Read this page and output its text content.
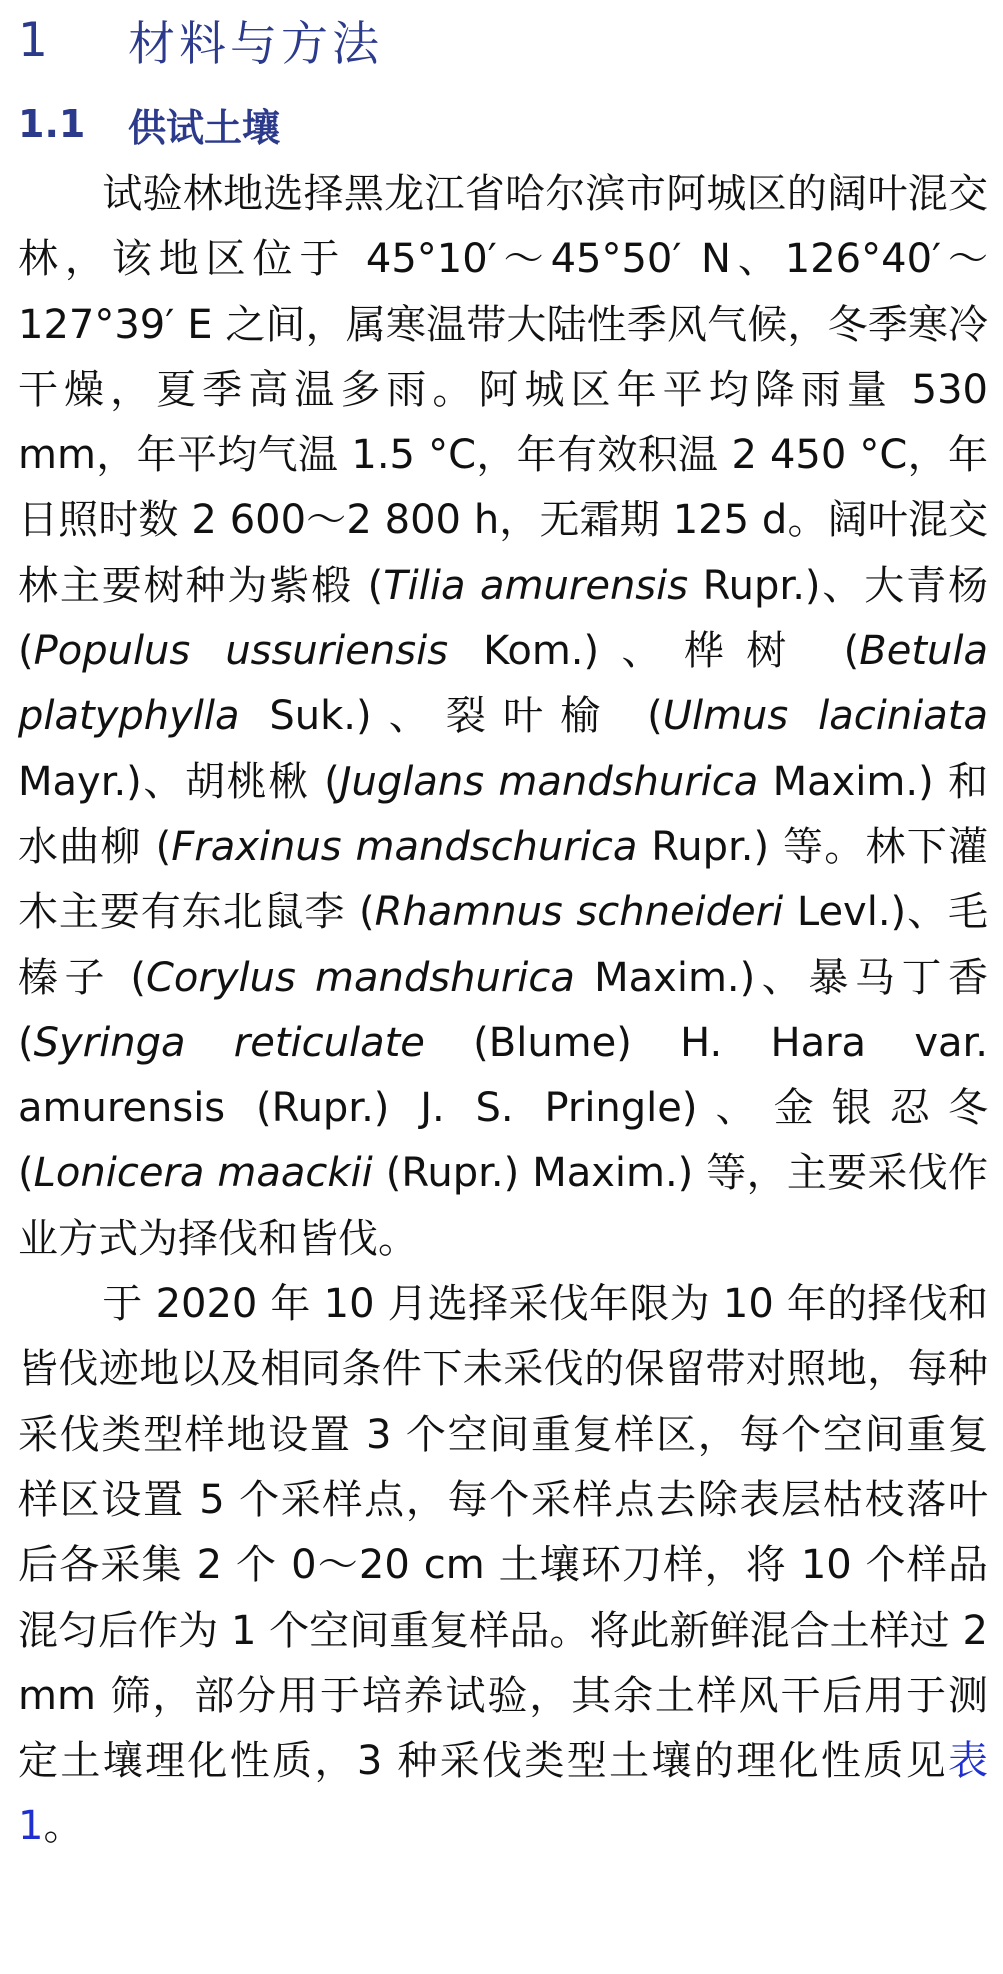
1	材料与方法
1.1	供试土壤

试验林地选择黑龙江省哈尔滨市阿城区的阔叶混交林，该地区位于 45°10′～45°50′ N、126°40′～127°39′ E 之间，属寒温带大陆性季风气候，冬季寒冷干燥，夏季高温多雨。阿城区年平均降雨量 530 mm，年平均气温 1.5 °C，年有效积温 2 450 °C，年日照时数 2 600～2 800 h，无霜期 125 d。阔叶混交林主要树种为紫椴 (Tilia amurensis Rupr.)、大青杨 (Populus ussuriensis Kom.)、桦树 (Betula platyphylla Suk.)、裂叶榆 (Ulmus laciniata Mayr.)、胡桃楸 (Juglans mandshurica Maxim.) 和水曲柳 (Fraxinus mandschurica Rupr.) 等。林下灌木主要有东北鼠李 (Rhamnus schneideri Levl.)、毛榛子 (Corylus mandshurica Maxim.)、暴马丁香 (Syringa reticulate (Blume) H. Hara var. amurensis (Rupr.) J. S. Pringle)、金银忍冬 (Lonicera maackii (Rupr.) Maxim.) 等，主要采伐作业方式为择伐和皆伐。

于 2020 年 10 月选择采伐年限为 10 年的择伐和皆伐迹地以及相同条件下未采伐的保留带对照地，每种采伐类型样地设置 3 个空间重复样区，每个空间重复样区设置 5 个采样点，每个采样点去除表层枯枝落叶后各采集 2 个 0～20 cm 土壤环刀样，将 10 个样品混匀后作为 1 个空间重复样品。将此新鲜混合土样过 2 mm 筛，部分用于培养试验，其余土样风干后用于测定土壤理化性质，3 种采伐类型土壤的理化性质见表 1。
